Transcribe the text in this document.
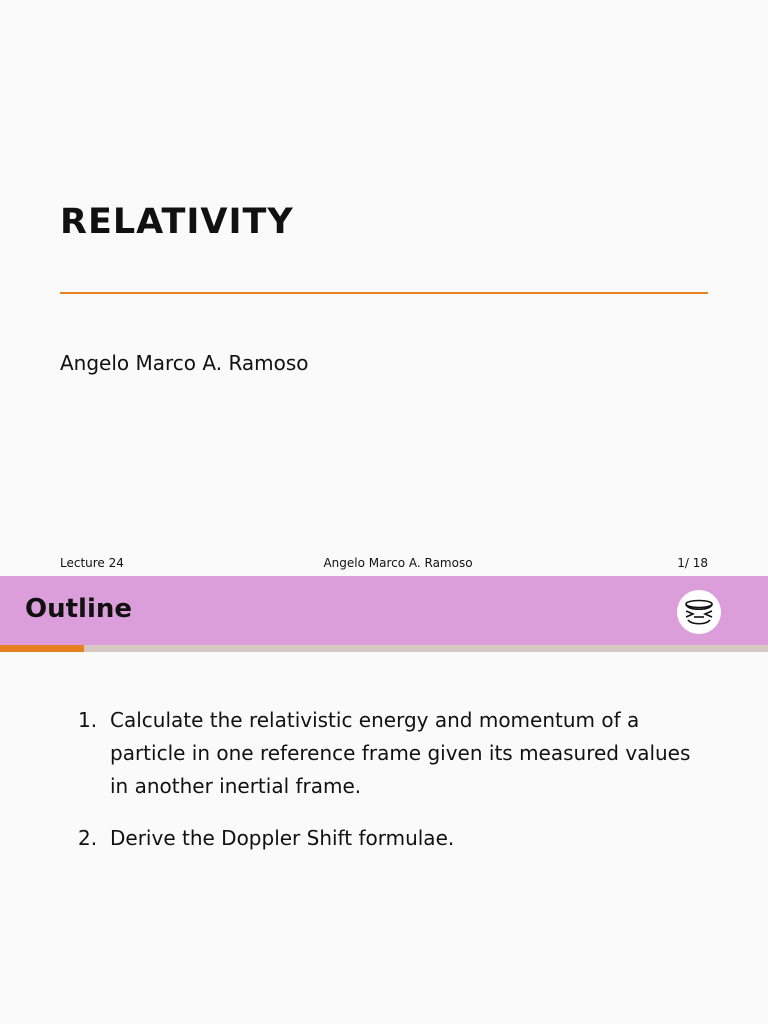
RELATIVITY
Angelo Marco A. Ramoso
Lecture 24	Angelo Marco A. Ramoso	1/ 18
Outline
1. Calculate the relativistic energy and momentum of a particle in one reference frame given its measured values in another inertial frame.
2. Derive the Doppler Shift formulae.
